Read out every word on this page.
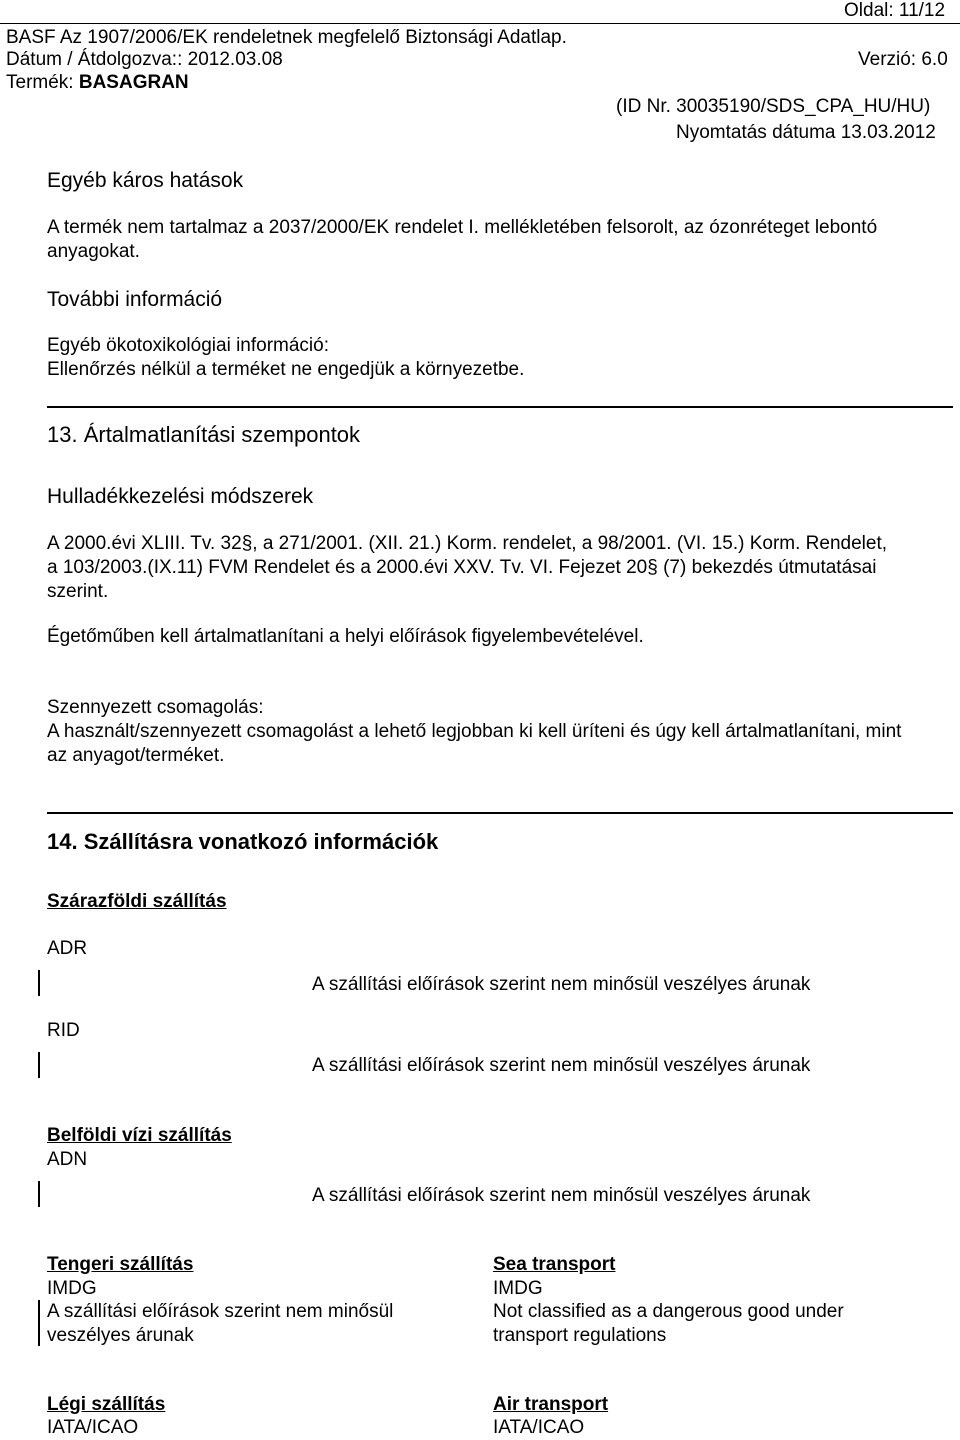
Oldal: 11/12
BASF Az 1907/2006/EK rendeletnek megfelelő Biztonsági Adatlap.
Dátum / Átdolgozva:: 2012.03.08	Verzió: 6.0
Termék: BASAGRAN
(ID Nr. 30035190/SDS_CPA_HU/HU)
Nyomtatás dátuma 13.03.2012
Egyéb káros hatások
A termék nem tartalmaz a 2037/2000/EK rendelet I. mellékletében felsorolt, az ózonréteget lebontó
anyagokat.
További információ
Egyéb ökotoxikológiai információ:
Ellenőrzés nélkül a terméket ne engedjük a környezetbe.
13. Ártalmatlanítási szempontok
Hulladékkezelési módszerek
A 2000.évi XLIII. Tv. 32§, a 271/2001. (XII. 21.) Korm. rendelet, a 98/2001. (VI. 15.) Korm. Rendelet,
a 103/2003.(IX.11) FVM Rendelet és a 2000.évi XXV. Tv. VI. Fejezet 20§ (7) bekezdés útmutatásai
szerint.
Égetőműben kell ártalmatlanítani a helyi előírások figyelembevételével.
Szennyezett csomagolás:
A használt/szennyezett csomagolást a lehető legjobban ki kell üríteni és úgy kell ártalmatlanítani, mint
az anyagot/terméket.
14. Szállításra vonatkozó információk
Szárazföldi szállítás
ADR
A szállítási előírások szerint nem minősül veszélyes árunak
RID
A szállítási előírások szerint nem minősül veszélyes árunak
Belföldi vízi szállítás
ADN
A szállítási előírások szerint nem minősül veszélyes árunak
Tengeri szállítás
IMDG
A szállítási előírások szerint nem minősül
veszélyes árunak
Sea transport
IMDG
Not classified as a dangerous good under
transport regulations
Légi szállítás
IATA/ICAO
Air transport
IATA/ICAO
